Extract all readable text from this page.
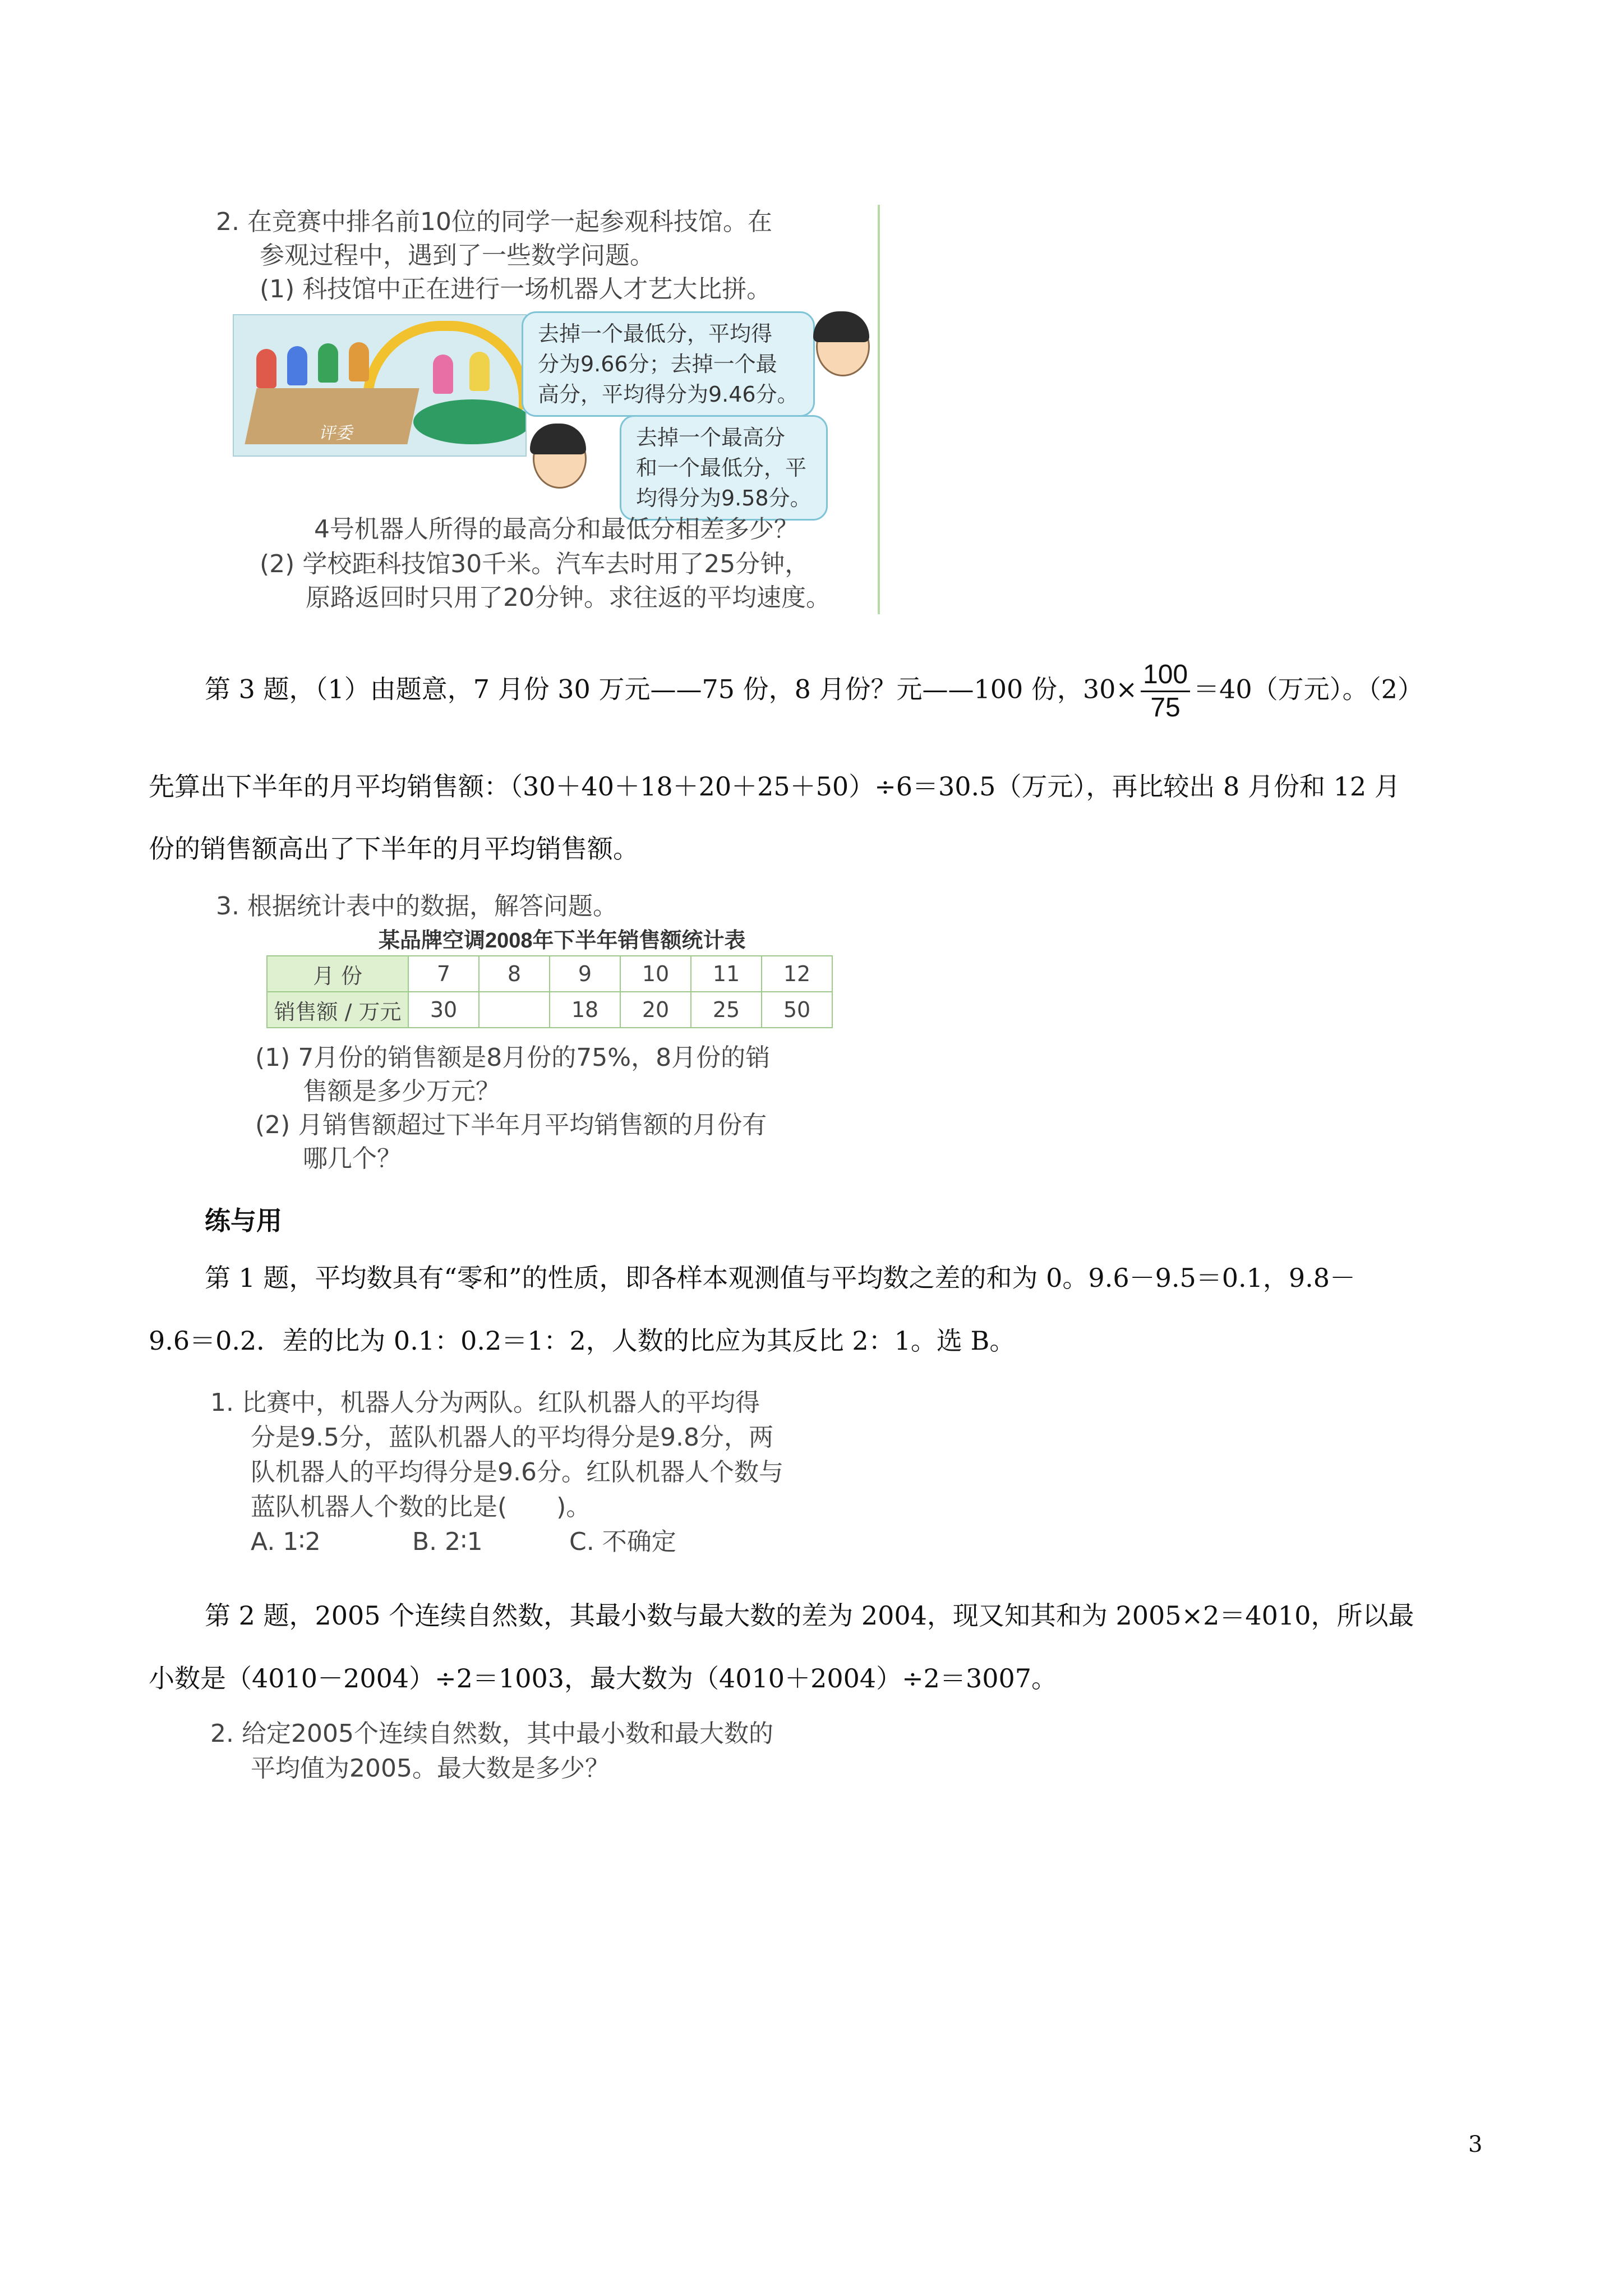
2. 在竞赛中排名前10位的同学一起参观科技馆。在
参观过程中，遇到了一些数学问题。
(1) 科技馆中正在进行一场机器人才艺大比拼。
评委
去掉一个最低分，平均得
分为9.66分；去掉一个最
高分，平均得分为9.46分。
去掉一个最高分
和一个最低分，平
均得分为9.58分。
4号机器人所得的最高分和最低分相差多少？
(2) 学校距科技馆30千米。汽车去时用了25分钟，
原路返回时只用了20分钟。求往返的平均速度。
第 3 题，（1）由题意，7 月份 30 万元——75 份，8 月份？元——100 份，$30\times \frac{100}{75} =40$（万元）。（2）
先算出下半年的月平均销售额：（30＋40＋18＋20＋25＋50）÷6＝30.5（万元），再比较出 8 月份和 12 月
份的销售额高出了下半年的月平均销售额。
3. 根据统计表中的数据，解答问题。
某品牌空调2008年下半年销售额统计表
月 份	7	8	9	10	11	12
销售额 / 万元	30		18	20	25	50
(1) 7月份的销售额是8月份的75%，8月份的销
售额是多少万元？
(2) 月销售额超过下半年月平均销售额的月份有
哪几个？
练与用
第 1 题，平均数具有“零和”的性质，即各样本观测值与平均数之差的和为 0。9.6－9.5＝0.1，9.8－
9.6＝0.2．差的比为 0.1：0.2＝1：2，人数的比应为其反比 2：1。选 B。
1. 比赛中，机器人分为两队。红队机器人的平均得
分是9.5分，蓝队机器人的平均得分是9.8分，两
队机器人的平均得分是9.6分。红队机器人个数与
蓝队机器人个数的比是(　　)。
A. 1∶2	B. 2∶1	C. 不确定
第 2 题，2005 个连续自然数，其最小数与最大数的差为 2004，现又知其和为 2005×2＝4010，所以最
小数是（4010－2004）÷2＝1003，最大数为（4010＋2004）÷2＝3007。
2. 给定2005个连续自然数，其中最小数和最大数的
平均值为2005。最大数是多少？
3
